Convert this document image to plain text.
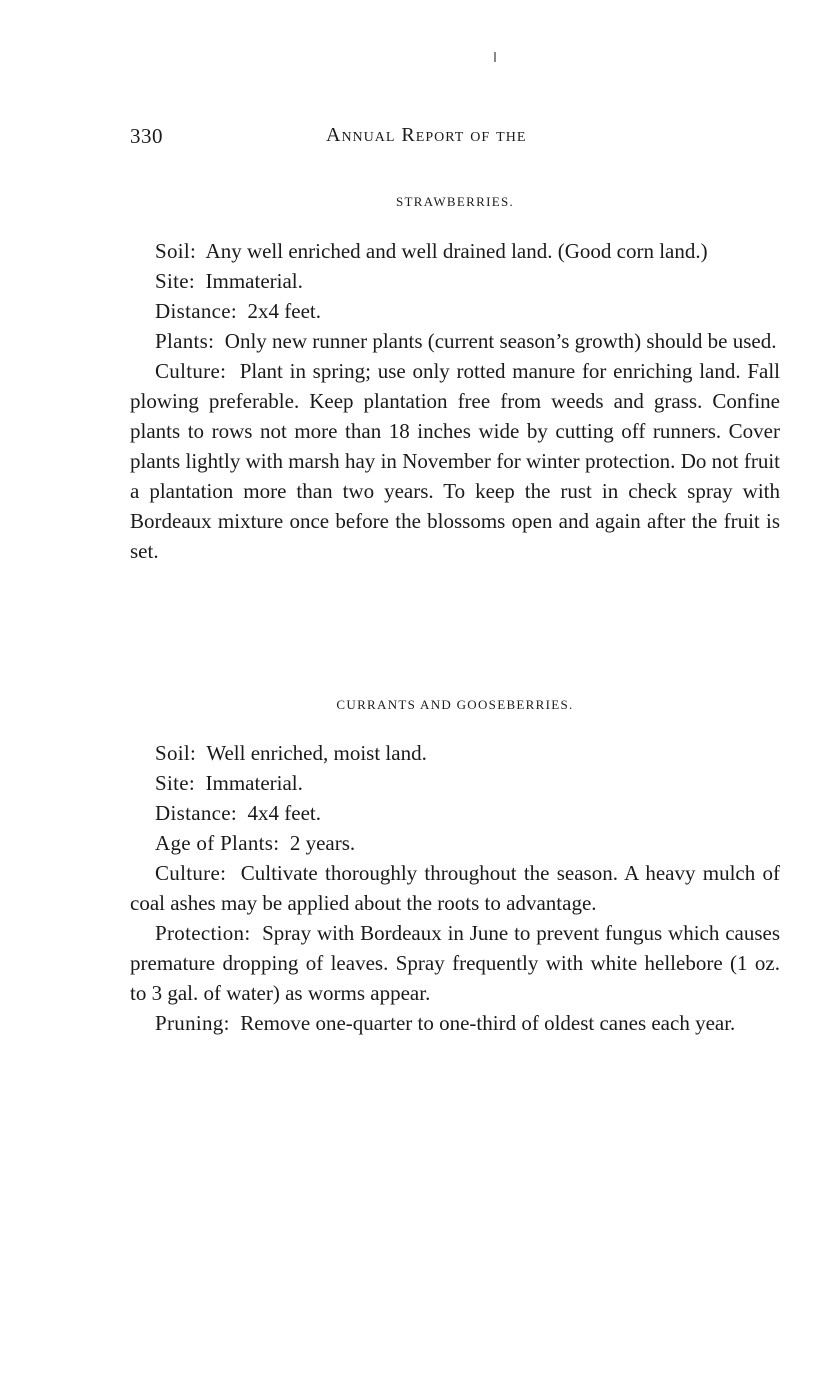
330	Annual Report of the
STRAWBERRIES.

Soil: Any well enriched and well drained land. (Good corn land.)

Site: Immaterial.

Distance: 2x4 feet.

Plants: Only new runner plants (current season’s growth) should be used.

Culture: Plant in spring; use only rotted manure for enriching land. Fall plowing preferable. Keep plantation free from weeds and grass. Confine plants to rows not more than 18 inches wide by cutting off runners. Cover plants lightly with marsh hay in November for winter protection. Do not fruit a plantation more than two years. To keep the rust in check spray with Bordeaux mixture once before the blossoms open and again after the fruit is set.

CURRANTS AND GOOSEBERRIES.

Soil: Well enriched, moist land.

Site: Immaterial.

Distance: 4x4 feet.

Age of Plants: 2 years.

Culture: Cultivate thoroughly throughout the season. A heavy mulch of coal ashes may be applied about the roots to advantage.

Protection: Spray with Bordeaux in June to prevent fungus which causes premature dropping of leaves. Spray frequently with white hellebore (1 oz. to 3 gal. of water) as worms appear.

Pruning: Remove one-quarter to one-third of oldest canes each year.
